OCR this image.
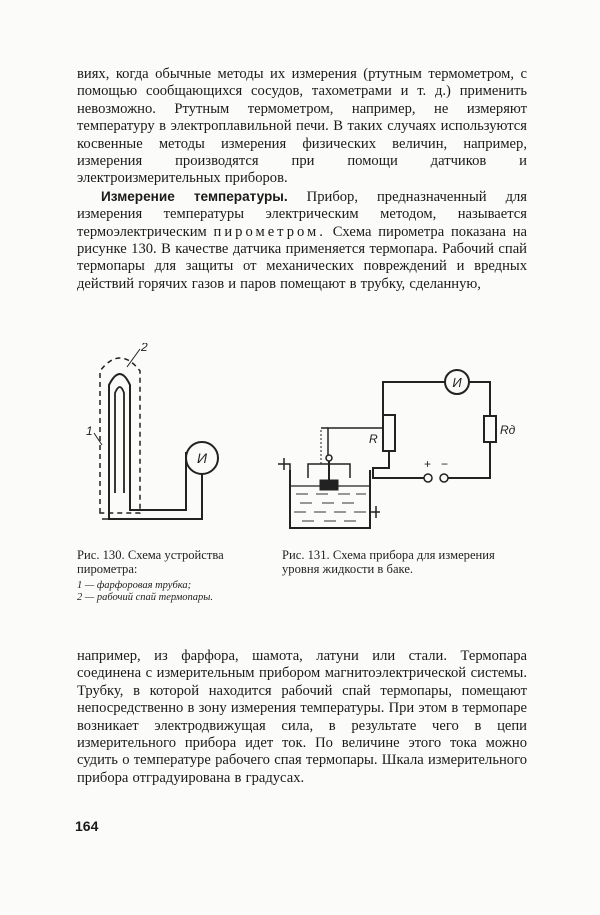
виях, когда обычные методы их измерения (ртутным термометром, с помощью сообщающихся сосудов, тахометрами и т. д.) применить невозможно. Ртутным термометром, например, не измеряют температуру в электроплавильной печи. В таких случаях используются косвенные методы измерения физических величин, например, измерения производятся при помощи датчиков и электроизмерительных приборов.

Измерение температуры. Прибор, предназначенный для измерения температуры электрическим методом, называется термоэлектрическим пирометром. Схема пирометра показана на рисунке 130. В качестве датчика применяется термопара. Рабочий спай термопары для защиты от механических повреждений и вредных действий горячих газов и паров помещают в трубку, сделанную,

2
1
И
И
R
Rд
+ −
Рис. 130. Схема устройства пирометра:
1 — фарфоровая трубка;
2 — рабочий спай термопары.
Рис. 131. Схема прибора для измерения уровня жидкости в баке.

например, из фарфора, шамота, латуни или стали. Термопара соединена с измерительным прибором магнитоэлектрической системы. Трубку, в которой находится рабочий спай термопары, помещают непосредственно в зону измерения температуры. При этом в термопаре возникает электродвижущая сила, в результате чего в цепи измерительного прибора идет ток. По величине этого тока можно судить о температуре рабочего спая термопары. Шкала измерительного прибора отградуирована в градусах.

164
